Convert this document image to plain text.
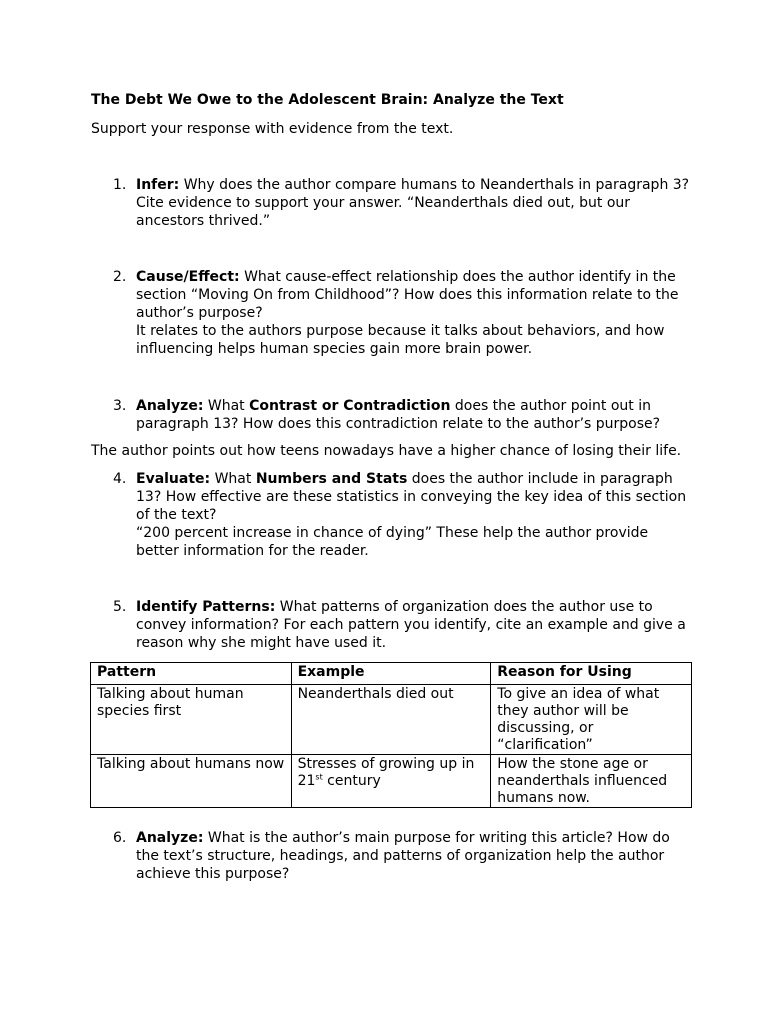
The Debt We Owe to the Adolescent Brain: Analyze the Text
Support your response with evidence from the text.
1. Infer: Why does the author compare humans to Neanderthals in paragraph 3? Cite evidence to support your answer. “Neanderthals died out, but our ancestors thrived.”
2. Cause/Effect: What cause-effect relationship does the author identify in the section “Moving On from Childhood”? How does this information relate to the author’s purpose?
It relates to the authors purpose because it talks about behaviors, and how influencing helps human species gain more brain power.
3. Analyze: What Contrast or Contradiction does the author point out in paragraph 13? How does this contradiction relate to the author’s purpose?
The author points out how teens nowadays have a higher chance of losing their life.
4. Evaluate: What Numbers and Stats does the author include in paragraph 13? How effective are these statistics in conveying the key idea of this section of the text?
“200 percent increase in chance of dying” These help the author provide better information for the reader.
5. Identify Patterns: What patterns of organization does the author use to convey information? For each pattern you identify, cite an example and give a reason why she might have used it.
Pattern	Example	Reason for Using
Talking about human species first	Neanderthals died out	To give an idea of what they author will be discussing, or “clarification”
Talking about humans now	Stresses of growing up in 21st century	How the stone age or neanderthals influenced humans now.
6. Analyze: What is the author’s main purpose for writing this article? How do the text’s structure, headings, and patterns of organization help the author achieve this purpose?
